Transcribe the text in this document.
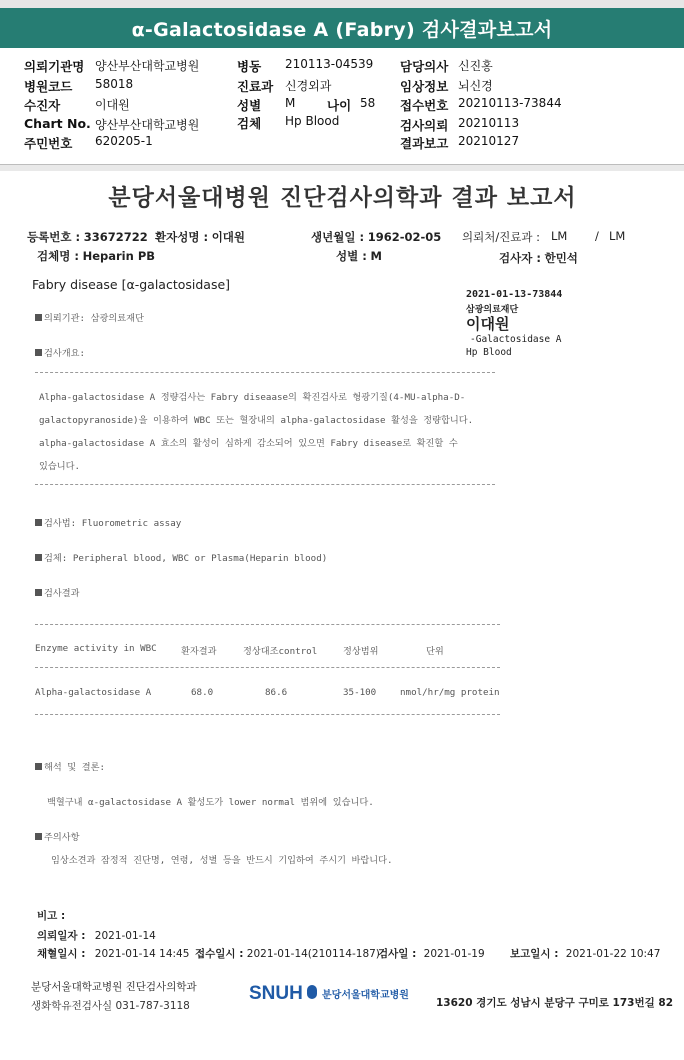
α-Galactosidase A (Fabry) 검사결과보고서
의뢰기관명 양산부산대학교병원	병동 210113-04539 담당의사 신진홍
병원코드 58018	진료과 신경외과	임상정보 뇌신경
수진자	이대원	성별 M	나이 58 접수번호 20210113-73844
Chart No. 양산부산대학교병원	검체 Hp Blood	검사의뢰 20210113
주민번호 620205-1	결과보고 20210127
분당서울대병원 진단검사의학과 결과 보고서
등록번호 : 33672722 환자성명 : 이대원	생년월일 : 1962-02-05 의뢰처/진료과 : LM / LM
검체명 : Heparin PB	성별 : M	검사자 : 한민석
Fabry disease [α-galactosidase]
의뢰기관: 삼광의료재단
검사개요:
Alpha-galactosidase A 정량검사는 Fabry diseaase의 확진검사로 형광기질(4-MU-alpha-D-
galactopyranoside)을 이용하여 WBC 또는 혈장내의 alpha-galactosidase 활성을 정량합니다.
alpha-galactosidase A 효소의 활성이 심하게 감소되어 있으면 Fabry disease로 확진할 수
있습니다.
검사법: Fluorometric assay
검체: Peripheral blood, WBC or Plasma(Heparin blood)
검사결과
Enzyme activity in WBC	환자결과	정상대조control	정상범위	단위
Alpha-galactosidase A	68.0	86.6	35-100	nmol/hr/mg protein
해석 및 결론:
백혈구내 α-galactosidase A 활성도가 lower normal 범위에 있습니다.
주의사항
임상소견과 잠정적 진단명, 연령, 성별 등을 반드시 기입하여 주시기 바랍니다.
비고 :
의뢰일자 : 2021-01-14
채혈일시 : 2021-01-14 14:45 접수일시 : 2021-01-14(210114-187)
검사일 : 2021-01-19 보고일시 : 2021-01-22 10:47
분당서울대학교병원 진단검사의학과
생화학유전검사실 031-787-3118
SNUH 분당서울대학교병원
13620 경기도 성남시 분당구 구미로 173번길 82
2021-01-13-73844
삼광의료재단
이대원
-Galactosidase A
Hp Blood
